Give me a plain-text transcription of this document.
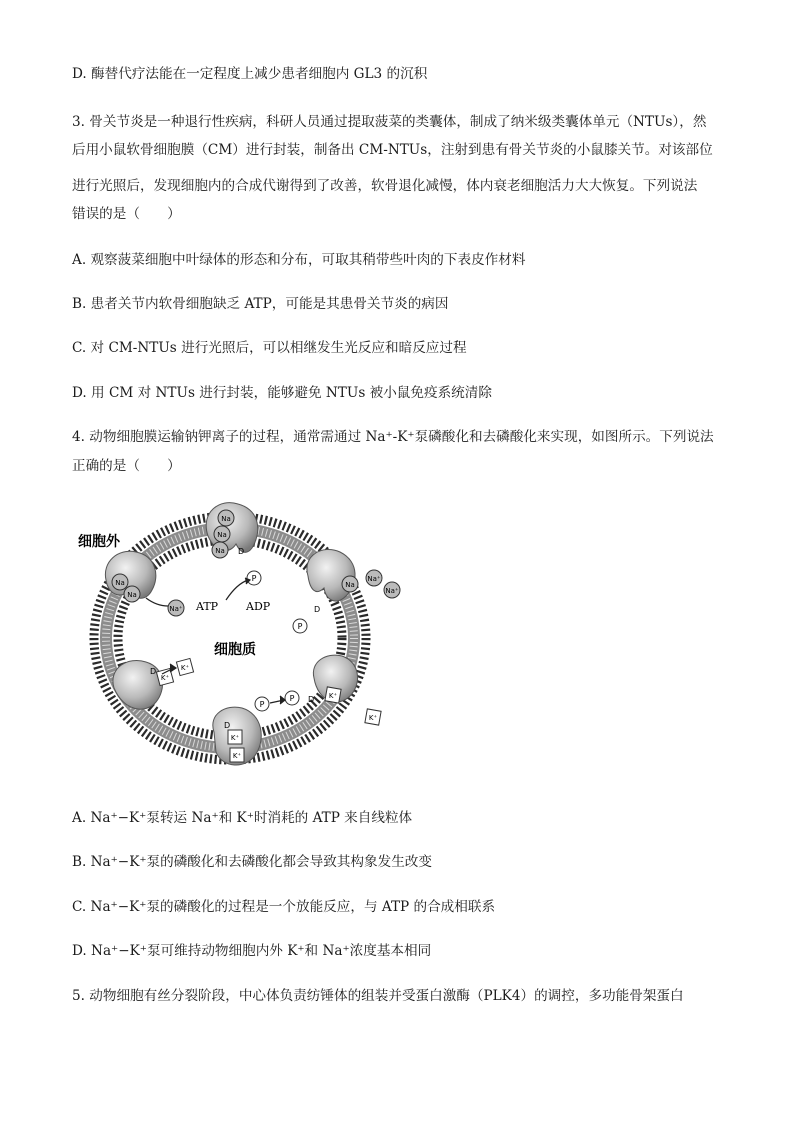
D. 酶替代疗法能在一定程度上减少患者细胞内 GL3 的沉积
3. 骨关节炎是一种退行性疾病，科研人员通过提取菠菜的类囊体，制成了纳米级类囊体单元（NTUs），然
后用小鼠软骨细胞膜（CM）进行封装，制备出 CM-NTUs，注射到患有骨关节炎的小鼠膝关节。对该部位
进行光照后，发现细胞内的合成代谢得到了改善，软骨退化减慢，体内衰老细胞活力大大恢复。下列说法
错误的是（　　）
A. 观察菠菜细胞中叶绿体的形态和分布，可取其稍带些叶肉的下表皮作材料
B. 患者关节内软骨细胞缺乏 ATP，可能是其患骨关节炎的病因
C. 对 CM-NTUs 进行光照后，可以相继发生光反应和暗反应过程
D. 用 CM 对 NTUs 进行封装，能够避免 NTUs 被小鼠免疫系统清除
4. 动物细胞膜运输钠钾离子的过程，通常需通过 Na⁺-K⁺泵磷酸化和去磷酸化来实现，如图所示。下列说法
正确的是（　　）
Na
Na
Na
Na
Na
Na⁺
Na
Na⁺
Na⁺
K⁺
K⁺
K⁺
K⁺
K⁺
K⁺
P
P
P
P
D
D
D
D
D
ATP	ADP
细胞外
细胞质
A. Na⁺−K⁺泵转运 Na⁺和 K⁺时消耗的 ATP 来自线粒体
B. Na⁺−K⁺泵的磷酸化和去磷酸化都会导致其构象发生改变
C. Na⁺−K⁺泵的磷酸化的过程是一个放能反应，与 ATP 的合成相联系
D. Na⁺−K⁺泵可维持动物细胞内外 K⁺和 Na⁺浓度基本相同
5. 动物细胞有丝分裂阶段，中心体负责纺锤体的组装并受蛋白激酶（PLK4）的调控，多功能骨架蛋白
